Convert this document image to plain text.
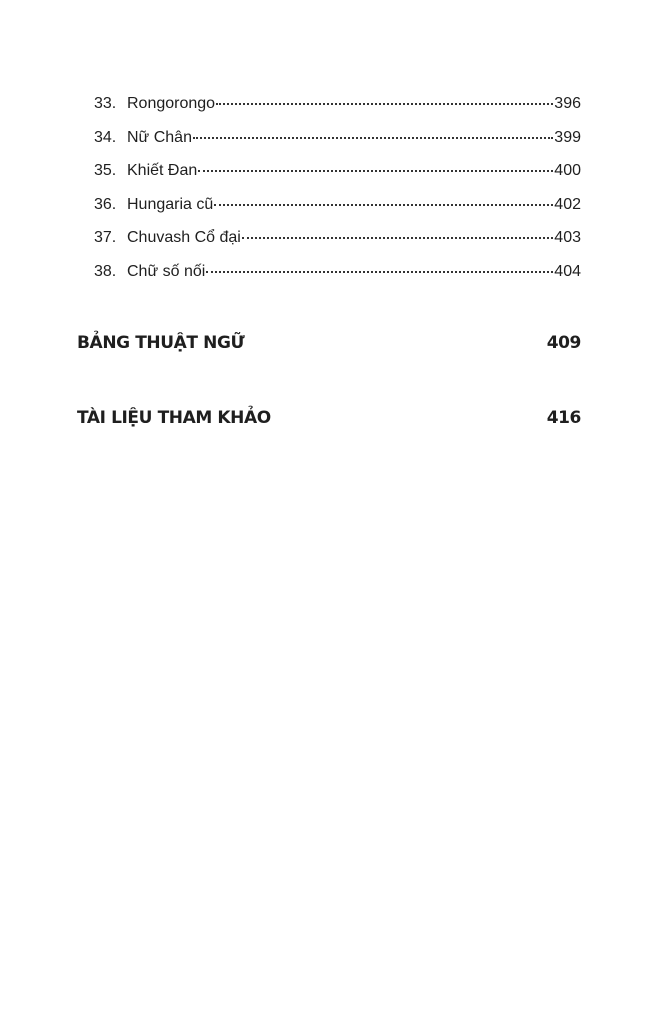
33. Rongorongo	396
34. Nữ Chân	399
35. Khiết Đan	400
36. Hungaria cũ	402
37. Chuvash Cổ đại	403
38. Chữ số nối	404
BẢNG THUẬT NGỮ	409
TÀI LIỆU THAM KHẢO	416
